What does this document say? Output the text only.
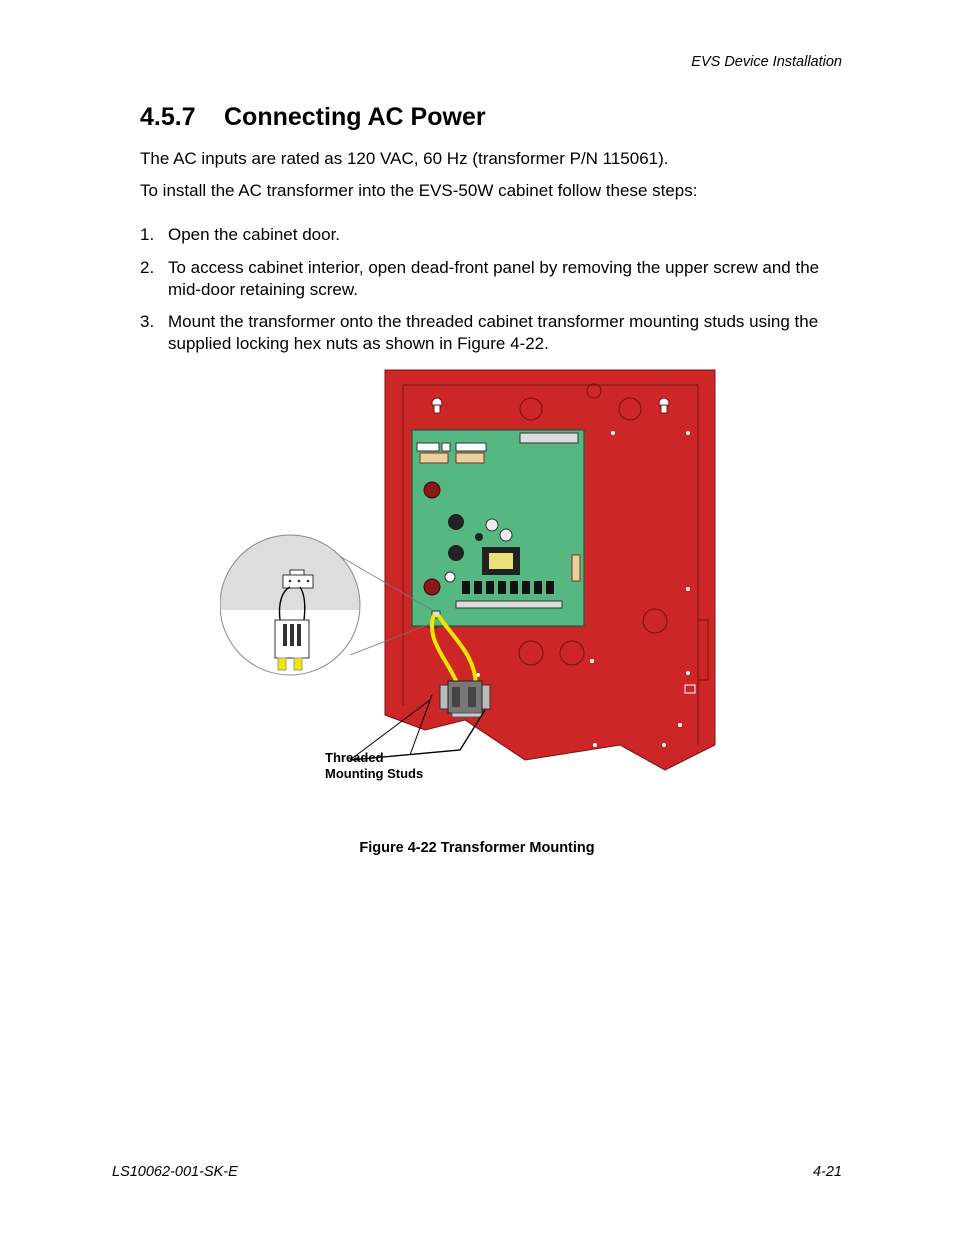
EVS Device Installation
4.5.7 Connecting AC Power

The AC inputs are rated as 120 VAC, 60 Hz (transformer P/N 115061).

To install the AC transformer into the EVS-50W cabinet follow these steps:

1. Open the cabinet door.
2. To access cabinet interior, open dead-front panel by removing the upper screw and the mid-door retaining screw.
3. Mount the transformer onto the threaded cabinet transformer mounting studs using the supplied locking hex nuts as shown in Figure 4-22.
Threaded
Mounting Studs
Figure 4-22 Transformer Mounting
LS10062-001-SK-E	4-21
